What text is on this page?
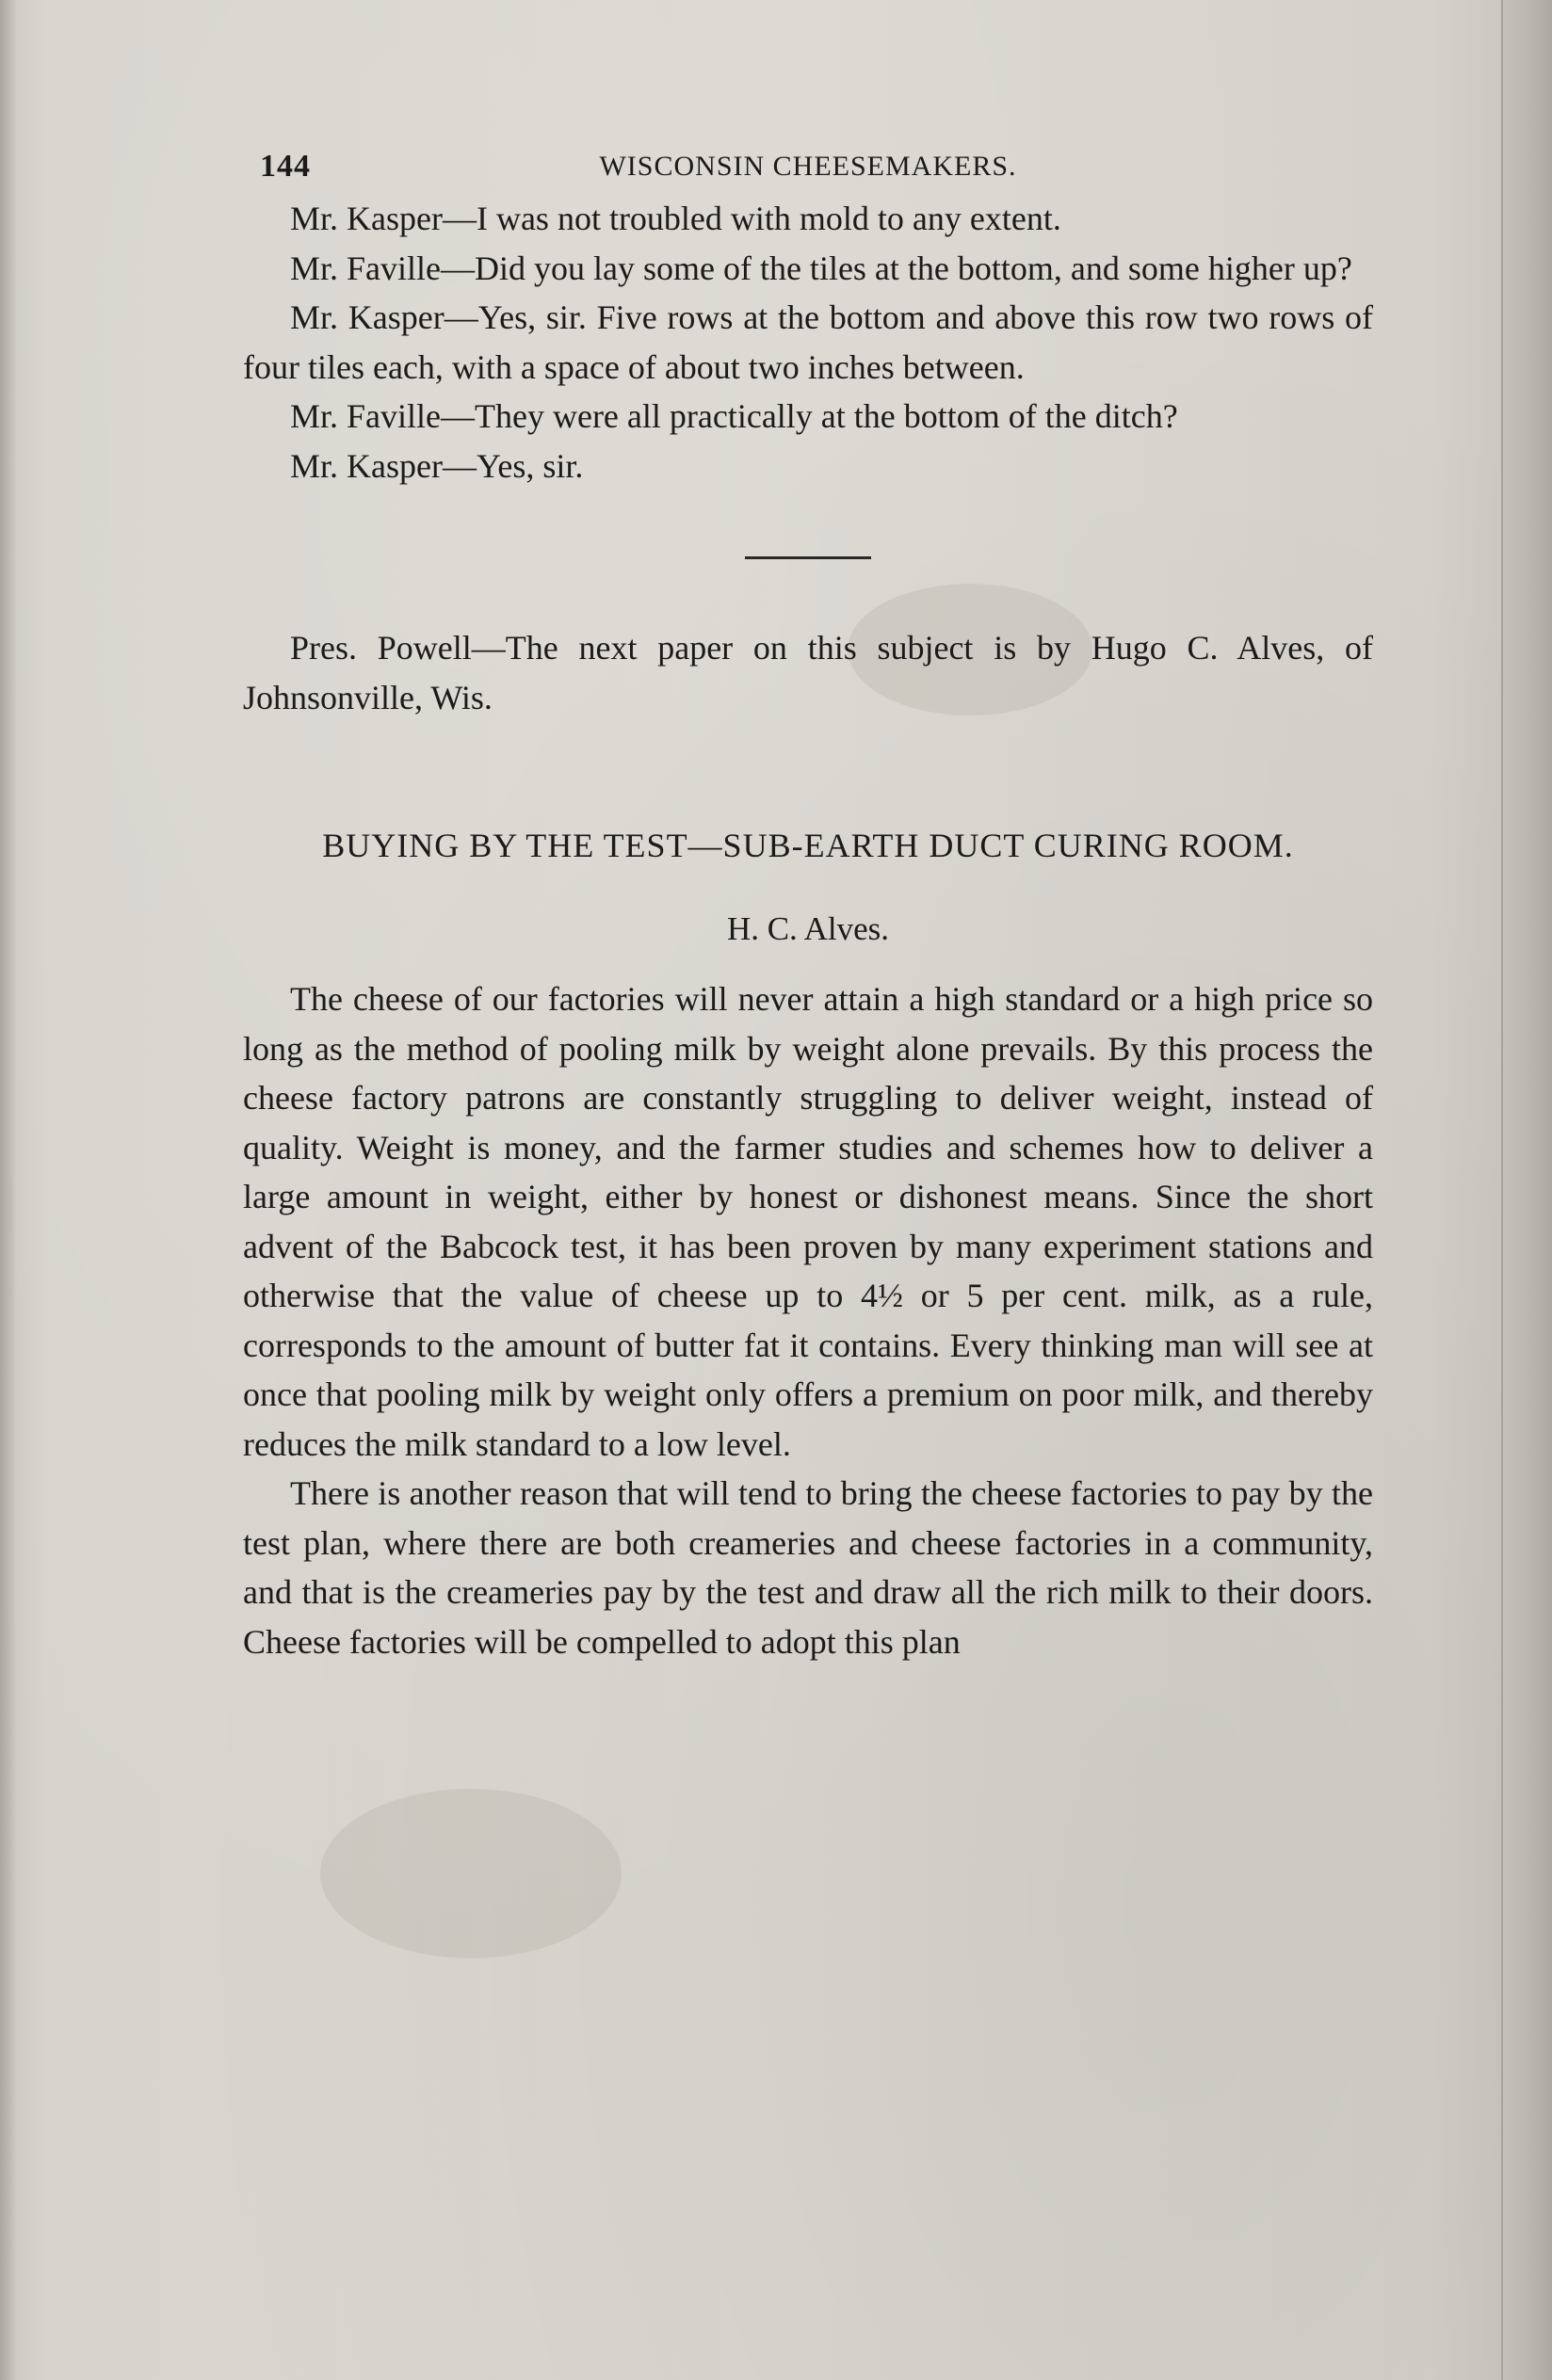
144	WISCONSIN CHEESEMAKERS.

Mr. Kasper—I was not troubled with mold to any extent.

Mr. Faville—Did you lay some of the tiles at the bottom, and some higher up?

Mr. Kasper—Yes, sir. Five rows at the bottom and above this row two rows of four tiles each, with a space of about two inches between.

Mr. Faville—They were all practically at the bottom of the ditch?

Mr. Kasper—Yes, sir.

Pres. Powell—The next paper on this subject is by Hugo C. Alves, of Johnsonville, Wis.

BUYING BY THE TEST—SUB-EARTH DUCT CURING ROOM.
H. C. Alves.

The cheese of our factories will never attain a high standard or a high price so long as the method of pooling milk by weight alone prevails. By this process the cheese factory patrons are constantly struggling to deliver weight, instead of quality. Weight is money, and the farmer studies and schemes how to deliver a large amount in weight, either by honest or dishonest means. Since the short advent of the Babcock test, it has been proven by many experiment stations and otherwise that the value of cheese up to 4½ or 5 per cent. milk, as a rule, corresponds to the amount of butter fat it contains. Every thinking man will see at once that pooling milk by weight only offers a premium on poor milk, and thereby reduces the milk standard to a low level.

There is another reason that will tend to bring the cheese factories to pay by the test plan, where there are both creameries and cheese factories in a community, and that is the creameries pay by the test and draw all the rich milk to their doors. Cheese factories will be compelled to adopt this plan
